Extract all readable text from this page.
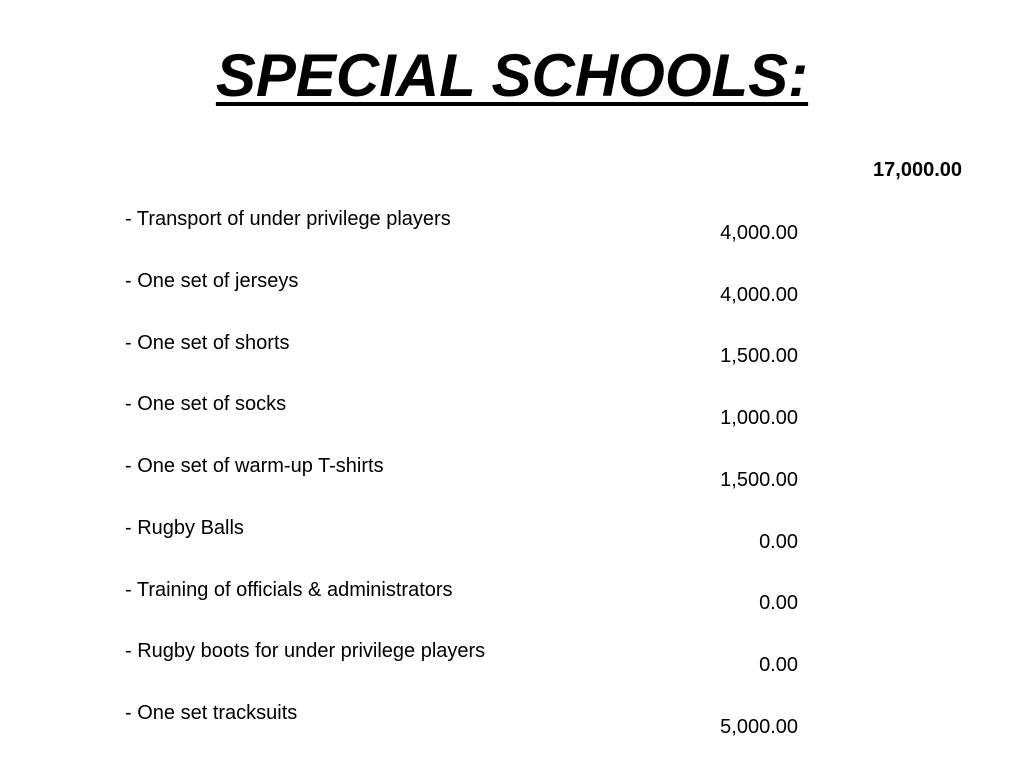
SPECIAL SCHOOLS:
17,000.00
- Transport of under privilege players
4,000.00
- One set of jerseys
4,000.00
- One set of shorts
1,500.00
- One set of socks
1,000.00
- One set of warm-up T-shirts
1,500.00
- Rugby Balls
0.00
- Training of officials & administrators
0.00
- Rugby boots for under privilege players
0.00
- One set tracksuits
5,000.00
